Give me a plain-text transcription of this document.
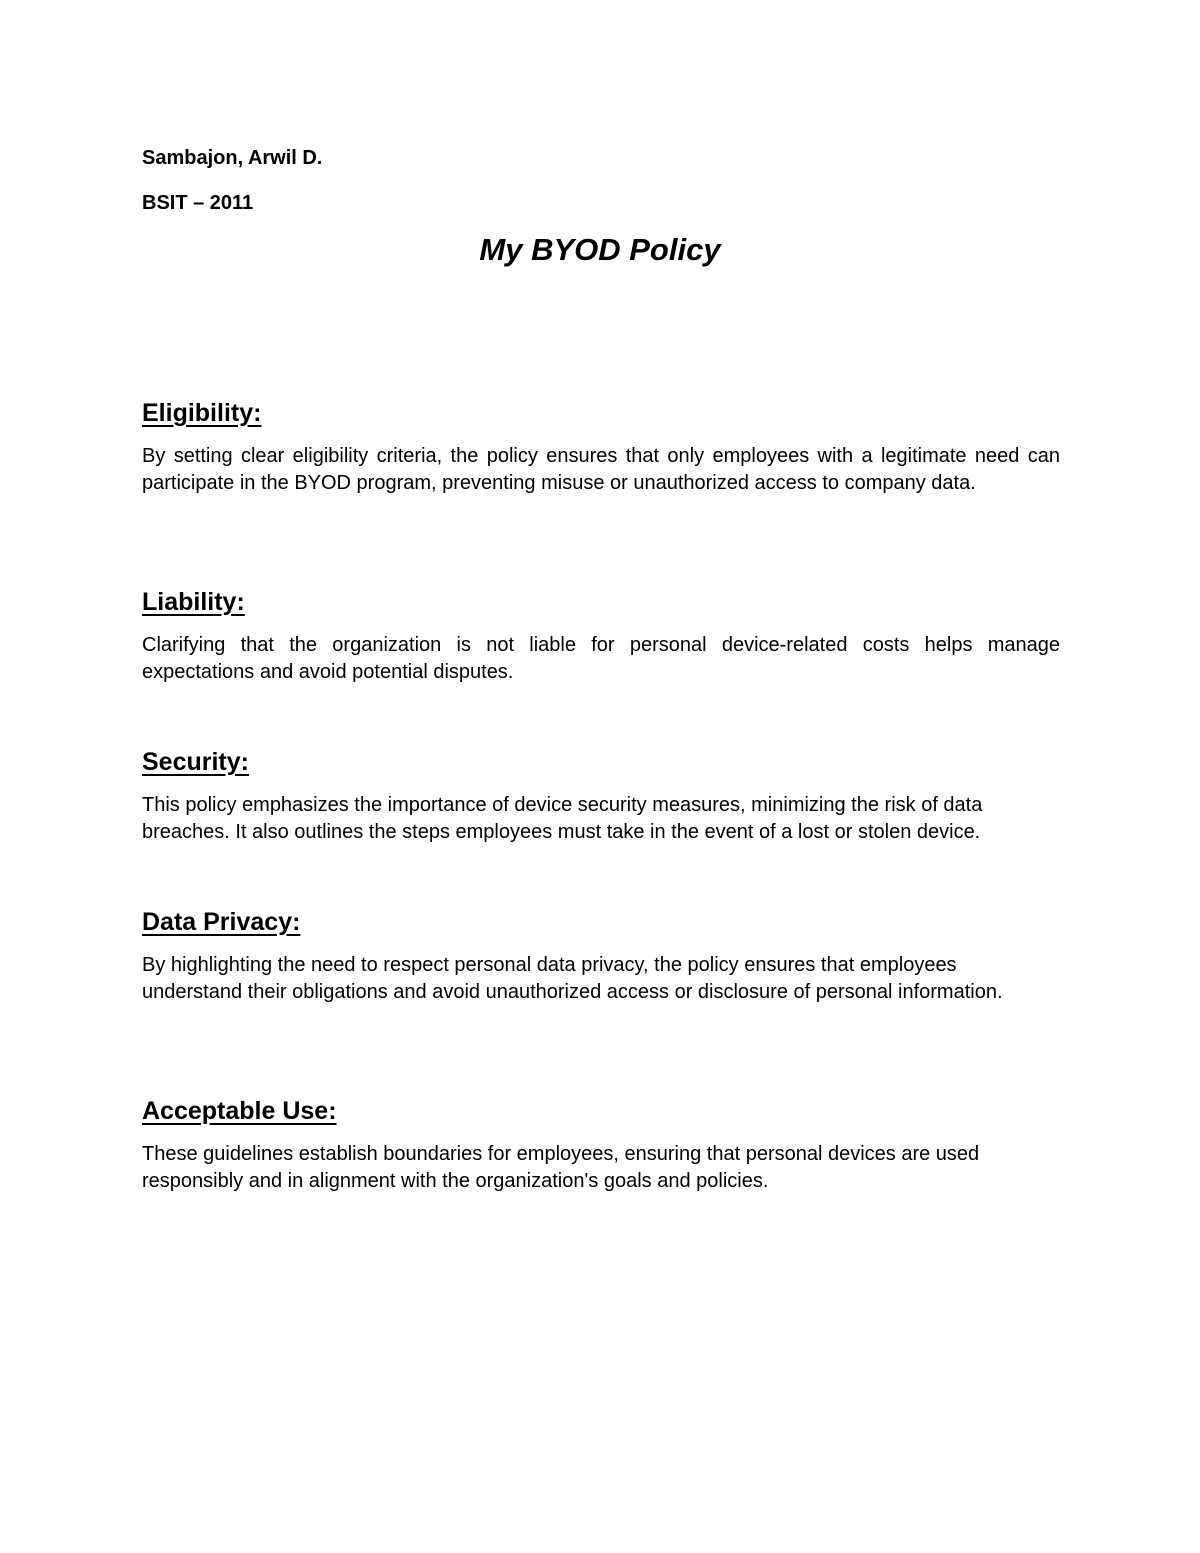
Sambajon, Arwil D.
BSIT – 2011
My BYOD Policy
Eligibility:

By setting clear eligibility criteria, the policy ensures that only employees with a legitimate need can participate in the BYOD program, preventing misuse or unauthorized access to company data.

Liability:

Clarifying that the organization is not liable for personal device-related costs helps manage expectations and avoid potential disputes.

Security:

This policy emphasizes the importance of device security measures, minimizing the risk of data breaches. It also outlines the steps employees must take in the event of a lost or stolen device.

Data Privacy:

By highlighting the need to respect personal data privacy, the policy ensures that employees understand their obligations and avoid unauthorized access or disclosure of personal information.

Acceptable Use:

These guidelines establish boundaries for employees, ensuring that personal devices are used responsibly and in alignment with the organization's goals and policies.
